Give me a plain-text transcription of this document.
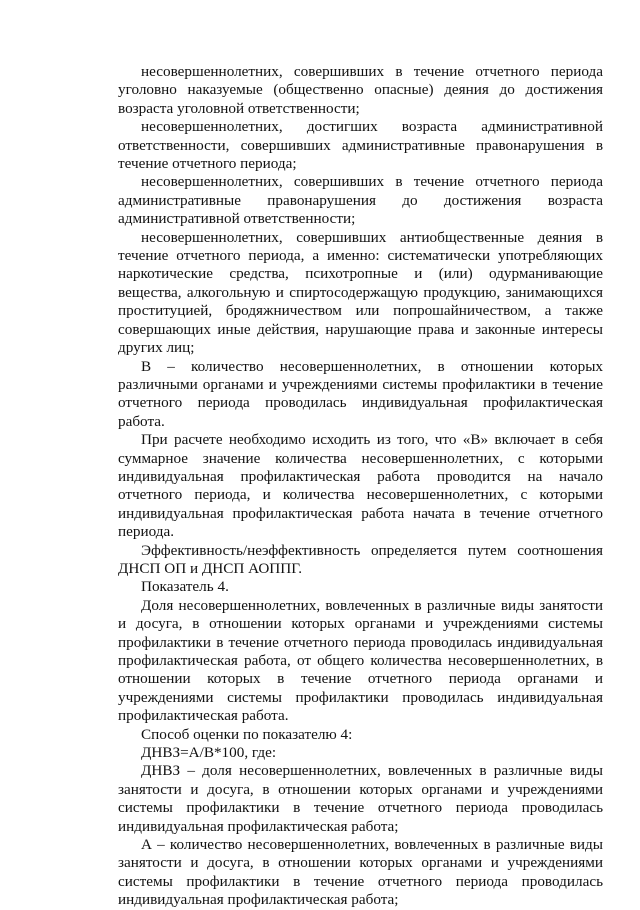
несовершеннолетних, совершивших в течение отчетного периода уголовно наказуемые (общественно опасные) деяния до достижения возраста уголовной ответственности;

несовершеннолетних, достигших возраста административной ответственности, совершивших административные правонарушения в течение отчетного периода;

несовершеннолетних, совершивших в течение отчетного периода административные правонарушения до достижения возраста административной ответственности;

несовершеннолетних, совершивших антиобщественные деяния в течение отчетного периода, а именно: систематически употребляющих наркотические средства, психотропные и (или) одурманивающие вещества, алкогольную и спиртосодержащую продукцию, занимающихся проституцией, бродяжничеством или попрошайничеством, а также совершающих иные действия, нарушающие права и законные интересы других лиц;

В – количество несовершеннолетних, в отношении которых различными органами и учреждениями системы профилактики в течение отчетного периода проводилась индивидуальная профилактическая работа.

При расчете необходимо исходить из того, что «В» включает в себя суммарное значение количества несовершеннолетних, с которыми индивидуальная профилактическая работа проводится на начало отчетного периода, и количества несовершеннолетних, с которыми индивидуальная профилактическая работа начата в течение отчетного периода.

Эффективность/неэффективность определяется путем соотношения ДНСП ОП и ДНСП АОППГ.

Показатель 4.

Доля несовершеннолетних, вовлеченных в различные виды занятости и досуга, в отношении которых органами и учреждениями системы профилактики в течение отчетного периода проводилась индивидуальная профилактическая работа, от общего количества несовершеннолетних, в отношении которых в течение отчетного периода органами и учреждениями системы профилактики проводилась индивидуальная профилактическая работа.

Способ оценки по показателю 4:

ДНВЗ=А/В*100, где:

ДНВЗ – доля несовершеннолетних, вовлеченных в различные виды занятости и досуга, в отношении которых органами и учреждениями системы профилактики в течение отчетного периода проводилась индивидуальная профилактическая работа;

А – количество несовершеннолетних, вовлеченных в различные виды занятости и досуга, в отношении которых органами и учреждениями системы профилактики в течение отчетного периода проводилась индивидуальная профилактическая работа;
